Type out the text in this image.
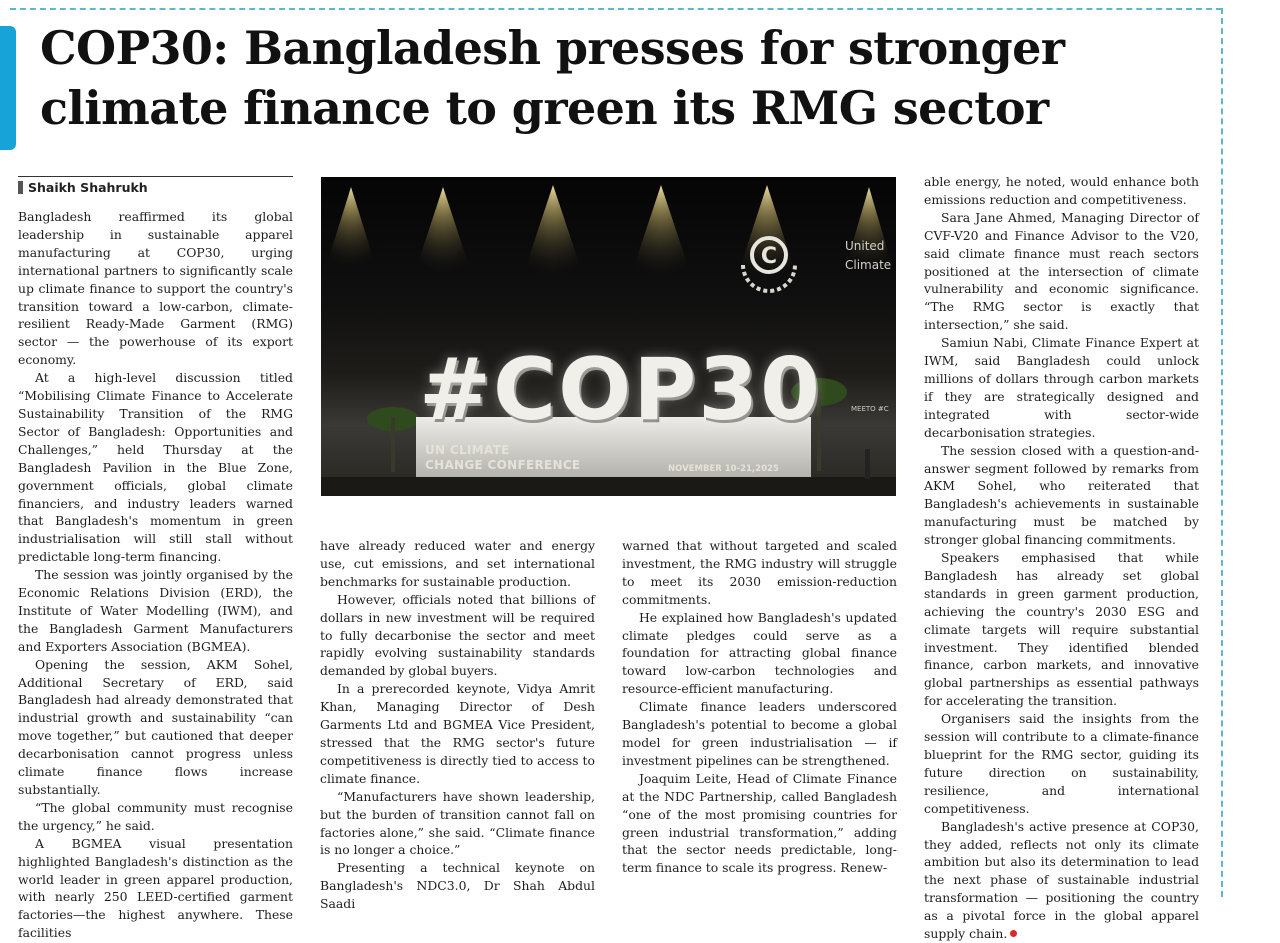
COP30: Bangladesh presses for stronger
climate finance to green its RMG sector
Shaikh Shahrukh
C	United
Climate
MEETO #C
#COP30
UN CLIMATE
CHANGE CONFERENCE	NOVEMBER 10-21,2025

Bangladesh reaffirmed its global leadership in sustainable apparel manufacturing at COP30, urging international partners to significantly scale up climate finance to support the country's transition toward a low-carbon, climate-resilient Ready-Made Garment (RMG) sector — the powerhouse of its export economy.

At a high-level discussion titled “Mobilising Climate Finance to Accelerate Sustainability Transition of the RMG Sector of Bangladesh: Opportunities and Challenges,” held Thursday at the Bangladesh Pavilion in the Blue Zone, government officials, global climate financiers, and industry leaders warned that Bangladesh's momentum in green industrialisation will still stall without predictable long-term financing.

The session was jointly organised by the Economic Relations Division (ERD), the Institute of Water Modelling (IWM), and the Bangladesh Garment Manufacturers and Exporters Association (BGMEA).

Opening the session, AKM Sohel, Additional Secretary of ERD, said Bangladesh had already demonstrated that industrial growth and sustainability “can move together,” but cautioned that deeper decarbonisation cannot progress unless climate finance flows increase substantially.

“The global community must recognise the urgency,” he said.

A BGMEA visual presentation highlighted Bangladesh's distinction as the world leader in green apparel production, with nearly 250 LEED-certified garment factories—the highest anywhere. These facilities

have already reduced water and energy use, cut emissions, and set international benchmarks for sustainable production.

However, officials noted that billions of dollars in new investment will be required to fully decarbonise the sector and meet rapidly evolving sustainability standards demanded by global buyers.

In a prerecorded keynote, Vidya Amrit Khan, Managing Director of Desh Garments Ltd and BGMEA Vice President, stressed that the RMG sector's future competitiveness is directly tied to access to climate finance.

“Manufacturers have shown leadership, but the burden of transition cannot fall on factories alone,” she said. “Climate finance is no longer a choice.”

Presenting a technical keynote on Bangladesh's NDC3.0, Dr Shah Abdul Saadi

warned that without targeted and scaled investment, the RMG industry will struggle to meet its 2030 emission-reduction commitments.

He explained how Bangladesh's updated climate pledges could serve as a foundation for attracting global finance toward low-carbon technologies and resource-efficient manufacturing.

Climate finance leaders underscored Bangladesh's potential to become a global model for green industrialisation — if investment pipelines can be strengthened.

Joaquim Leite, Head of Climate Finance at the NDC Partnership, called Bangladesh “one of the most promising countries for green industrial transformation,” adding that the sector needs predictable, long-term finance to scale its progress. Renew-

able energy, he noted, would enhance both emissions reduction and competitiveness.

Sara Jane Ahmed, Managing Director of CVF-V20 and Finance Advisor to the V20, said climate finance must reach sectors positioned at the intersection of climate vulnerability and economic significance. “The RMG sector is exactly that intersection,” she said.

Samiun Nabi, Climate Finance Expert at IWM, said Bangladesh could unlock millions of dollars through carbon markets if they are strategically designed and integrated with sector-wide decarbonisation strategies.

The session closed with a question-and-answer segment followed by remarks from AKM Sohel, who reiterated that Bangladesh's achievements in sustainable manufacturing must be matched by stronger global financing commitments.

Speakers emphasised that while Bangladesh has already set global standards in green garment production, achieving the country's 2030 ESG and climate targets will require substantial investment. They identified blended finance, carbon markets, and innovative global partnerships as essential pathways for accelerating the transition.

Organisers said the insights from the session will contribute to a climate-finance blueprint for the RMG sector, guiding its future direction on sustainability, resilience, and international competitiveness.

Bangladesh's active presence at COP30, they added, reflects not only its climate ambition but also its determination to lead the next phase of sustainable industrial transformation — positioning the country as a pivotal force in the global apparel supply chain.
